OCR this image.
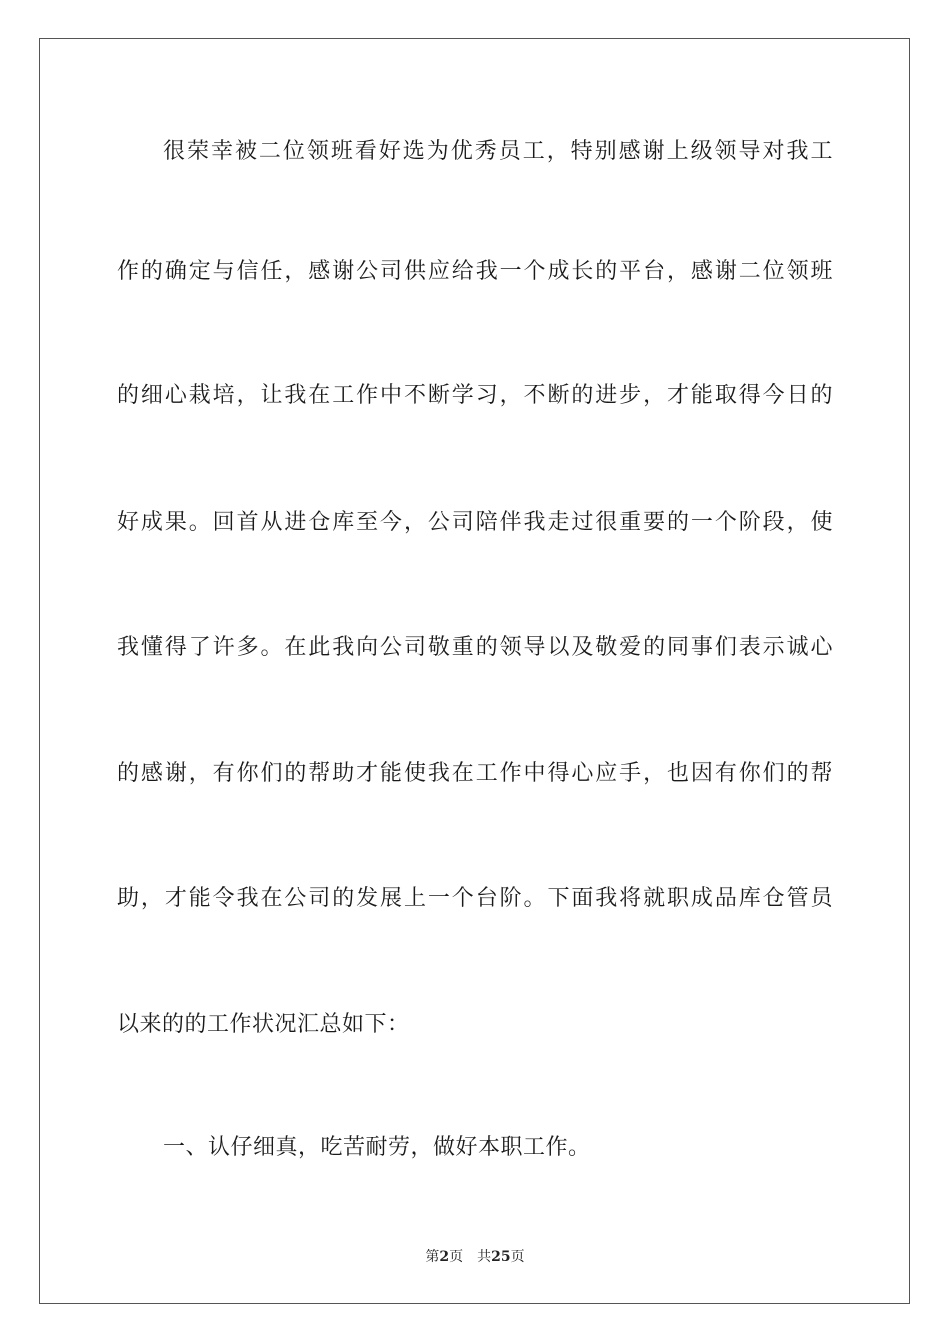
很荣幸被二位领班看好选为优秀员工，特别感谢上级领导对我工
作的确定与信任，感谢公司供应给我一个成长的平台，感谢二位领班
的细心栽培，让我在工作中不断学习，不断的进步，才能取得今日的
好成果。回首从进仓库至今，公司陪伴我走过很重要的一个阶段，使
我懂得了许多。在此我向公司敬重的领导以及敬爱的同事们表示诚心
的感谢，有你们的帮助才能使我在工作中得心应手，也因有你们的帮
助，才能令我在公司的发展上一个台阶。下面我将就职成品库仓管员
以来的的工作状况汇总如下：
一、认仔细真，吃苦耐劳，做好本职工作。
第2页 共25页
